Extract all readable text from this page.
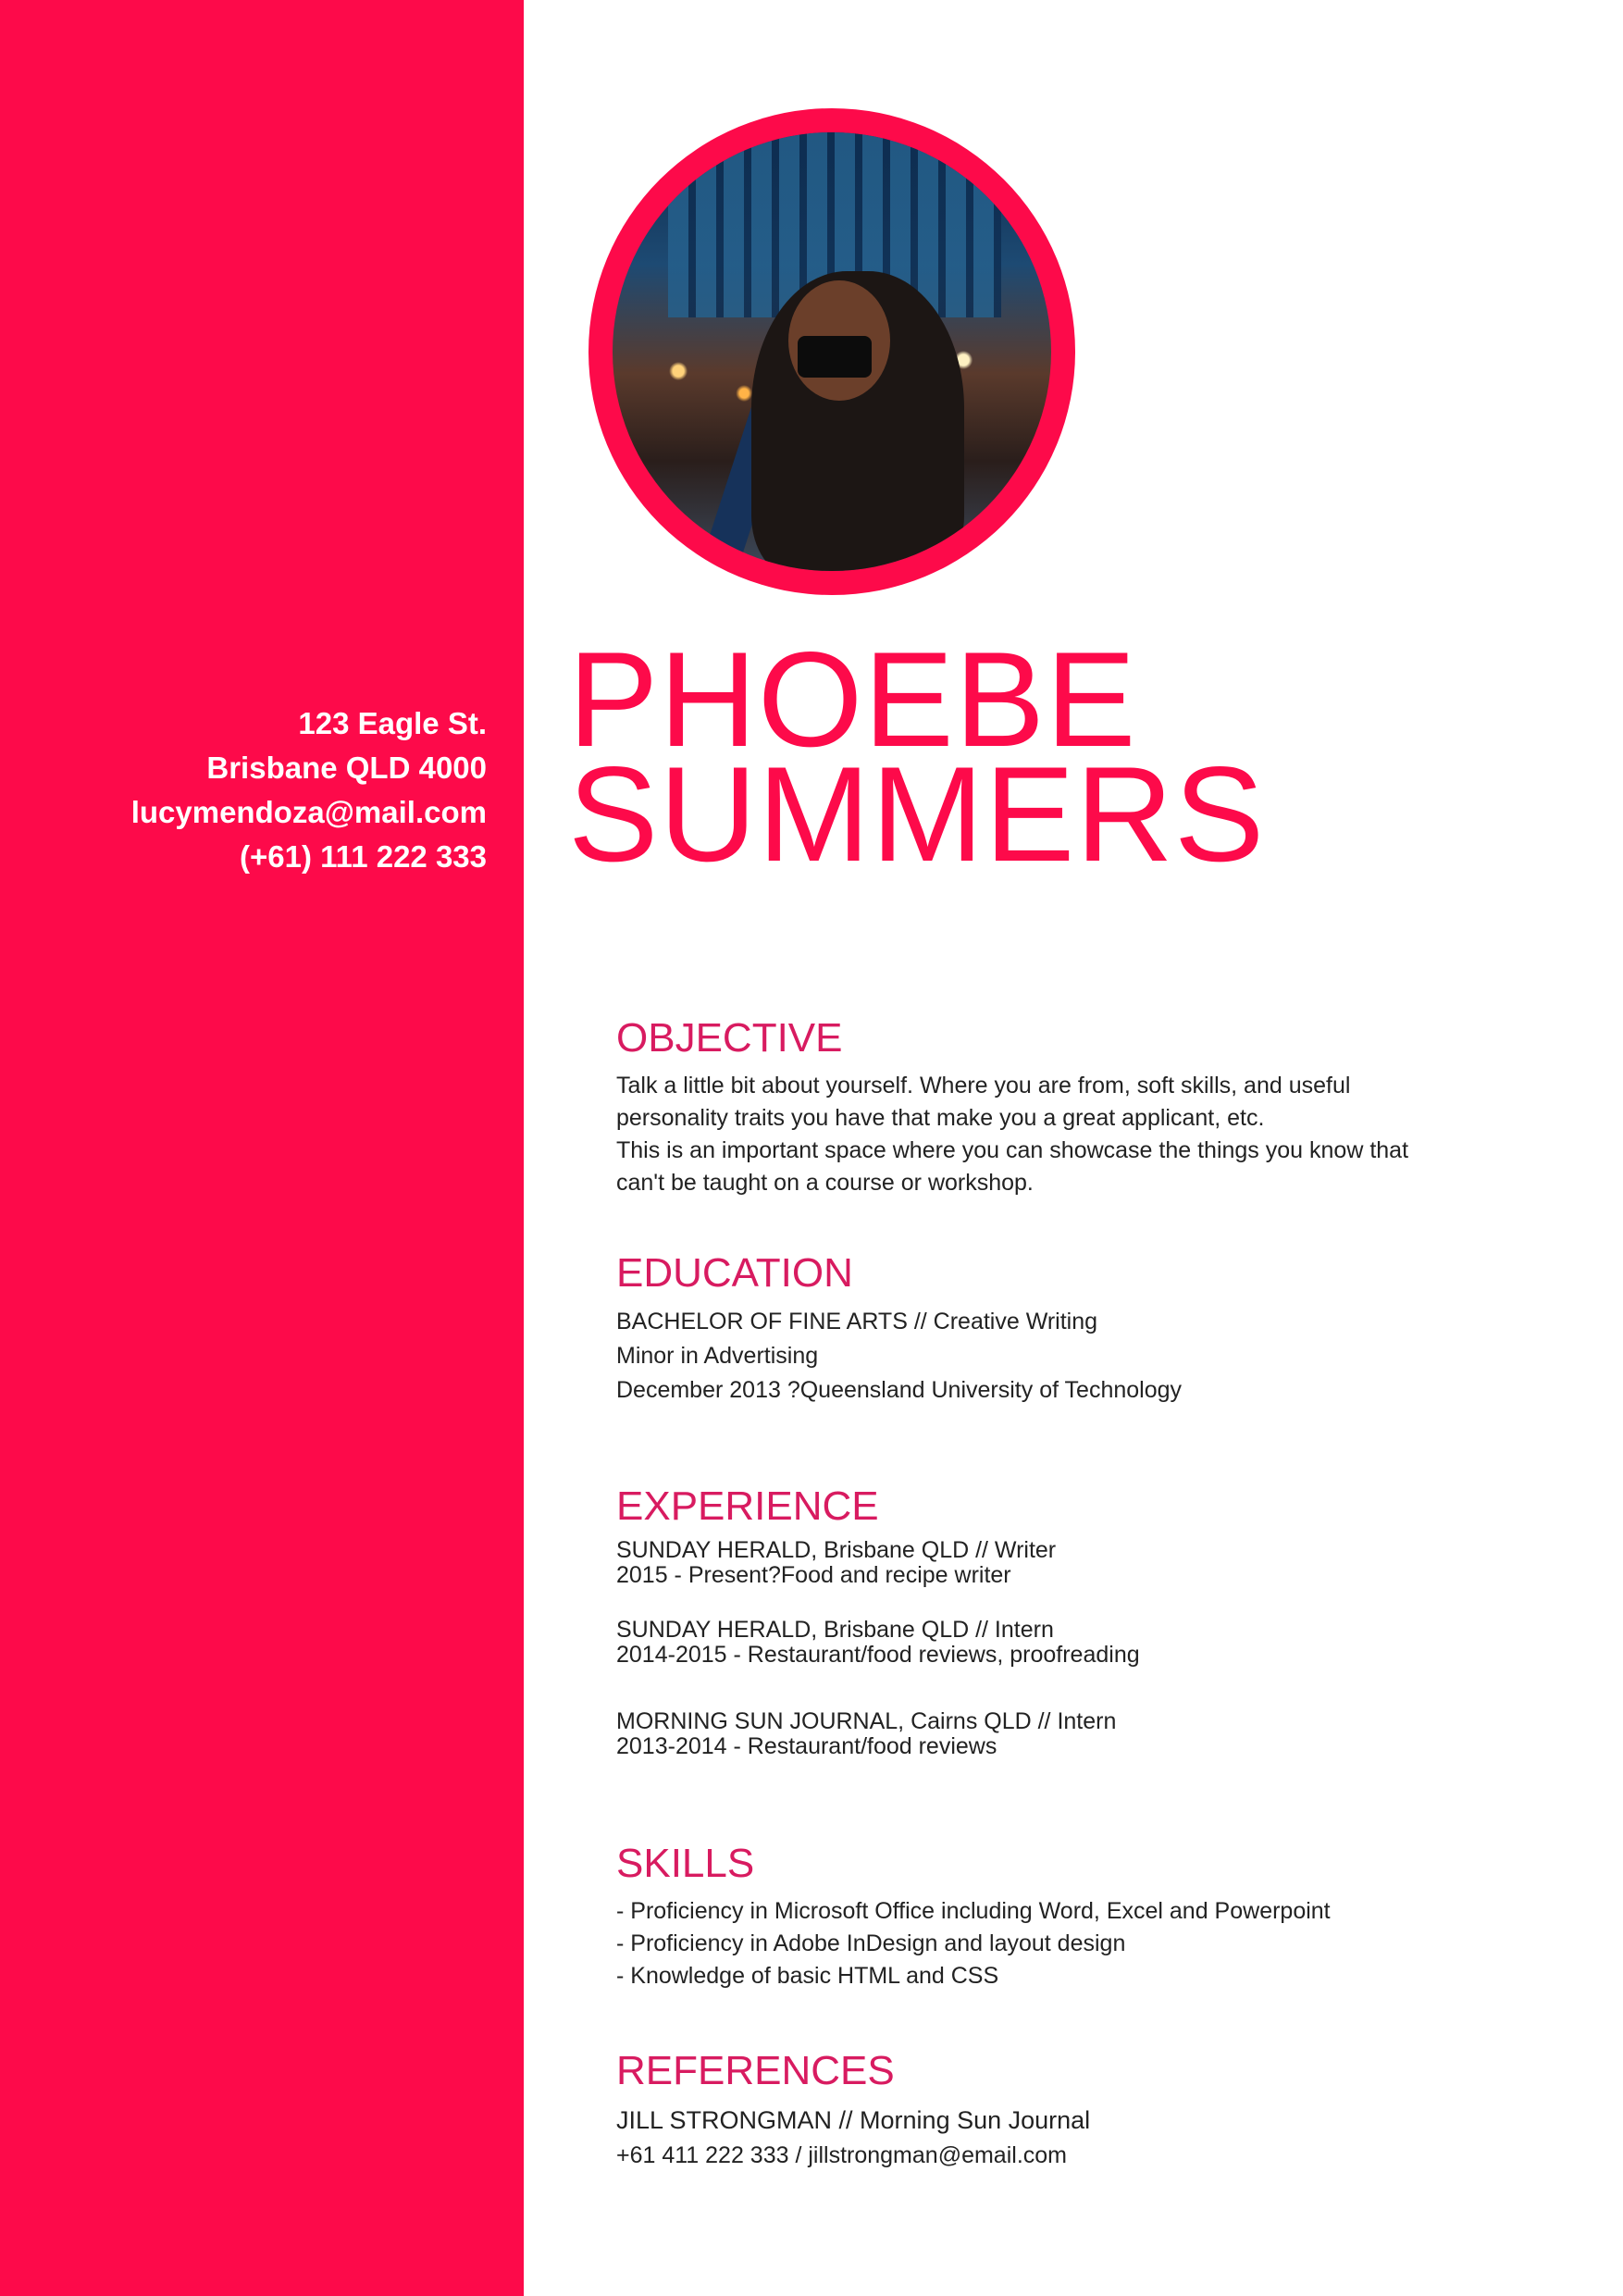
123 Eagle St.
Brisbane QLD 4000
lucymendoza@mail.com
(+61) 111 222 333
PHOEBE
SUMMERS
OBJECTIVE
Talk a little bit about yourself. Where you are from, soft skills, and useful
personality traits you have that make you a great applicant, etc.
This is an important space where you can showcase the things you know that
can't be taught on a course or workshop.
EDUCATION
BACHELOR OF FINE ARTS // Creative Writing
Minor in Advertising
December 2013 ?Queensland University of Technology
EXPERIENCE
SUNDAY HERALD, Brisbane QLD // Writer
2015 - Present?Food and recipe writer
SUNDAY HERALD, Brisbane QLD // Intern
2014-2015 - Restaurant/food reviews, proofreading
MORNING SUN JOURNAL, Cairns QLD // Intern
2013-2014 - Restaurant/food reviews
SKILLS
- Proficiency in Microsoft Office including Word, Excel and Powerpoint
- Proficiency in Adobe InDesign and layout design
- Knowledge of basic HTML and CSS
REFERENCES
JILL STRONGMAN // Morning Sun Journal
+61 411 222 333 / jillstrongman@email.com
